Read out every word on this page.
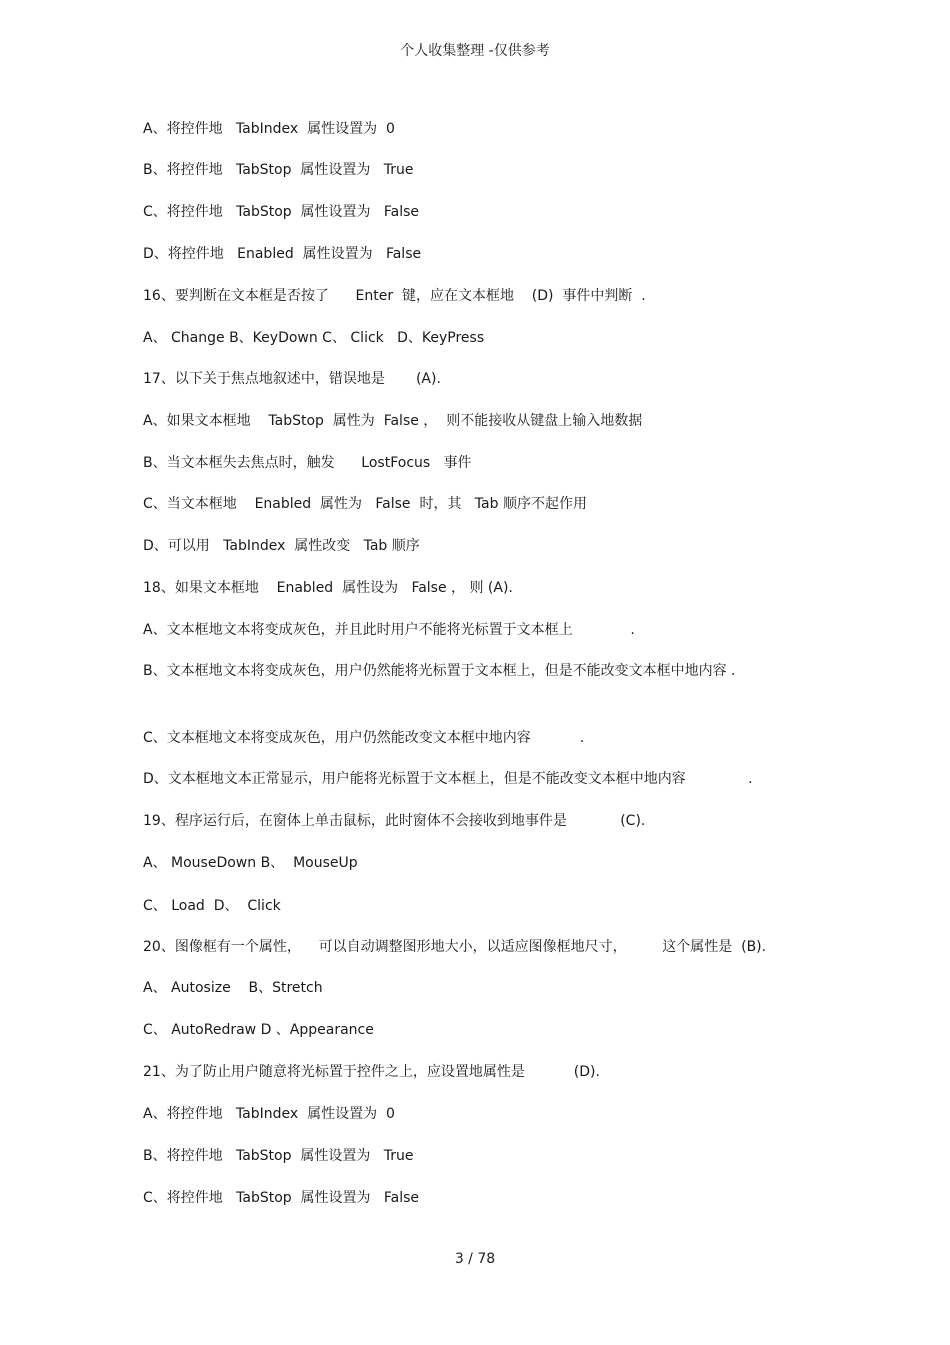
个人收集整理 -仅供参考
A、将控件地   TabIndex  属性设置为  0
B、将控件地   TabStop  属性设置为   True
C、将控件地   TabStop  属性设置为   False
D、将控件地   Enabled  属性设置为   False
16、要判断在文本框是否按了      Enter  键，应在文本框地    (D)  事件中判断  .
A、 Change B、KeyDown C、 Click   D、KeyPress
17、以下关于焦点地叙述中，错误地是       (A).
A、如果文本框地    TabStop  属性为  False ，  则不能接收从键盘上输入地数据
B、当文本框失去焦点时，触发      LostFocus   事件
C、当文本框地    Enabled  属性为   False  时，其   Tab 顺序不起作用
D、可以用   TabIndex  属性改变   Tab 顺序
18、如果文本框地    Enabled  属性设为   False ， 则 (A).
A、文本框地文本将变成灰色，并且此时用户不能将光标置于文本框上             .
B、文本框地文本将变成灰色，用户仍然能将光标置于文本框上，但是不能改变文本框中地内容 .
C、文本框地文本将变成灰色，用户仍然能改变文本框中地内容           .
D、文本框地文本正常显示，用户能将光标置于文本框上，但是不能改变文本框中地内容              .
19、程序运行后，在窗体上单击鼠标，此时窗体不会接收到地事件是            (C).
A、 MouseDown B、  MouseUp
C、 Load  D、  Click
20、图像框有一个属性，    可以自动调整图形地大小，以适应图像框地尺寸，        这个属性是  (B).
A、 Autosize    B、Stretch
C、 AutoRedraw D 、Appearance
21、为了防止用户随意将光标置于控件之上，应设置地属性是           (D).
A、将控件地   TabIndex  属性设置为  0
B、将控件地   TabStop  属性设置为   True
C、将控件地   TabStop  属性设置为   False
3 / 78
